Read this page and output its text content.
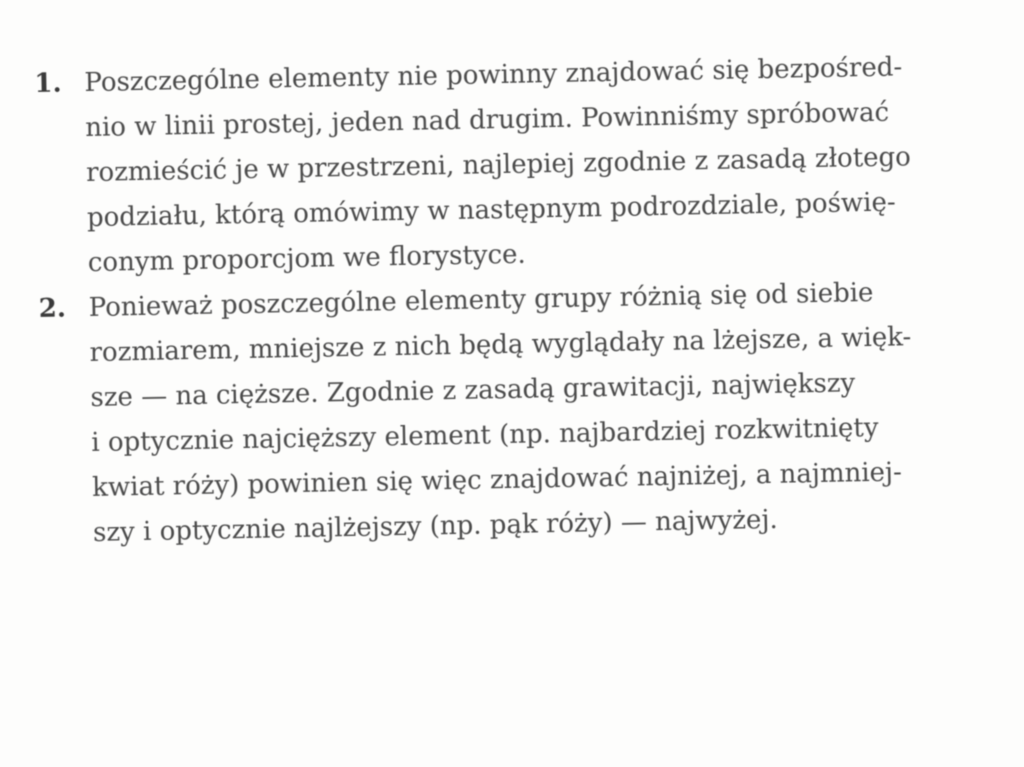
1. Poszczególne elementy nie powinny znajdować się bezpośred-
nio w linii prostej, jeden nad drugim. Powinniśmy spróbować
rozmieścić je w przestrzeni, najlepiej zgodnie z zasadą złotego
podziału, którą omówimy w następnym podrozdziale, poświę-
conym proporcjom we florystyce.
2. Ponieważ poszczególne elementy grupy różnią się od siebie
rozmiarem, mniejsze z nich będą wyglądały na lżejsze, a więk-
sze — na cięższe. Zgodnie z zasadą grawitacji, największy
i optycznie najcięższy element (np. najbardziej rozkwitnięty
kwiat róży) powinien się więc znajdować najniżej, a najmniej-
szy i optycznie najlżejszy (np. pąk róży) — najwyżej.
